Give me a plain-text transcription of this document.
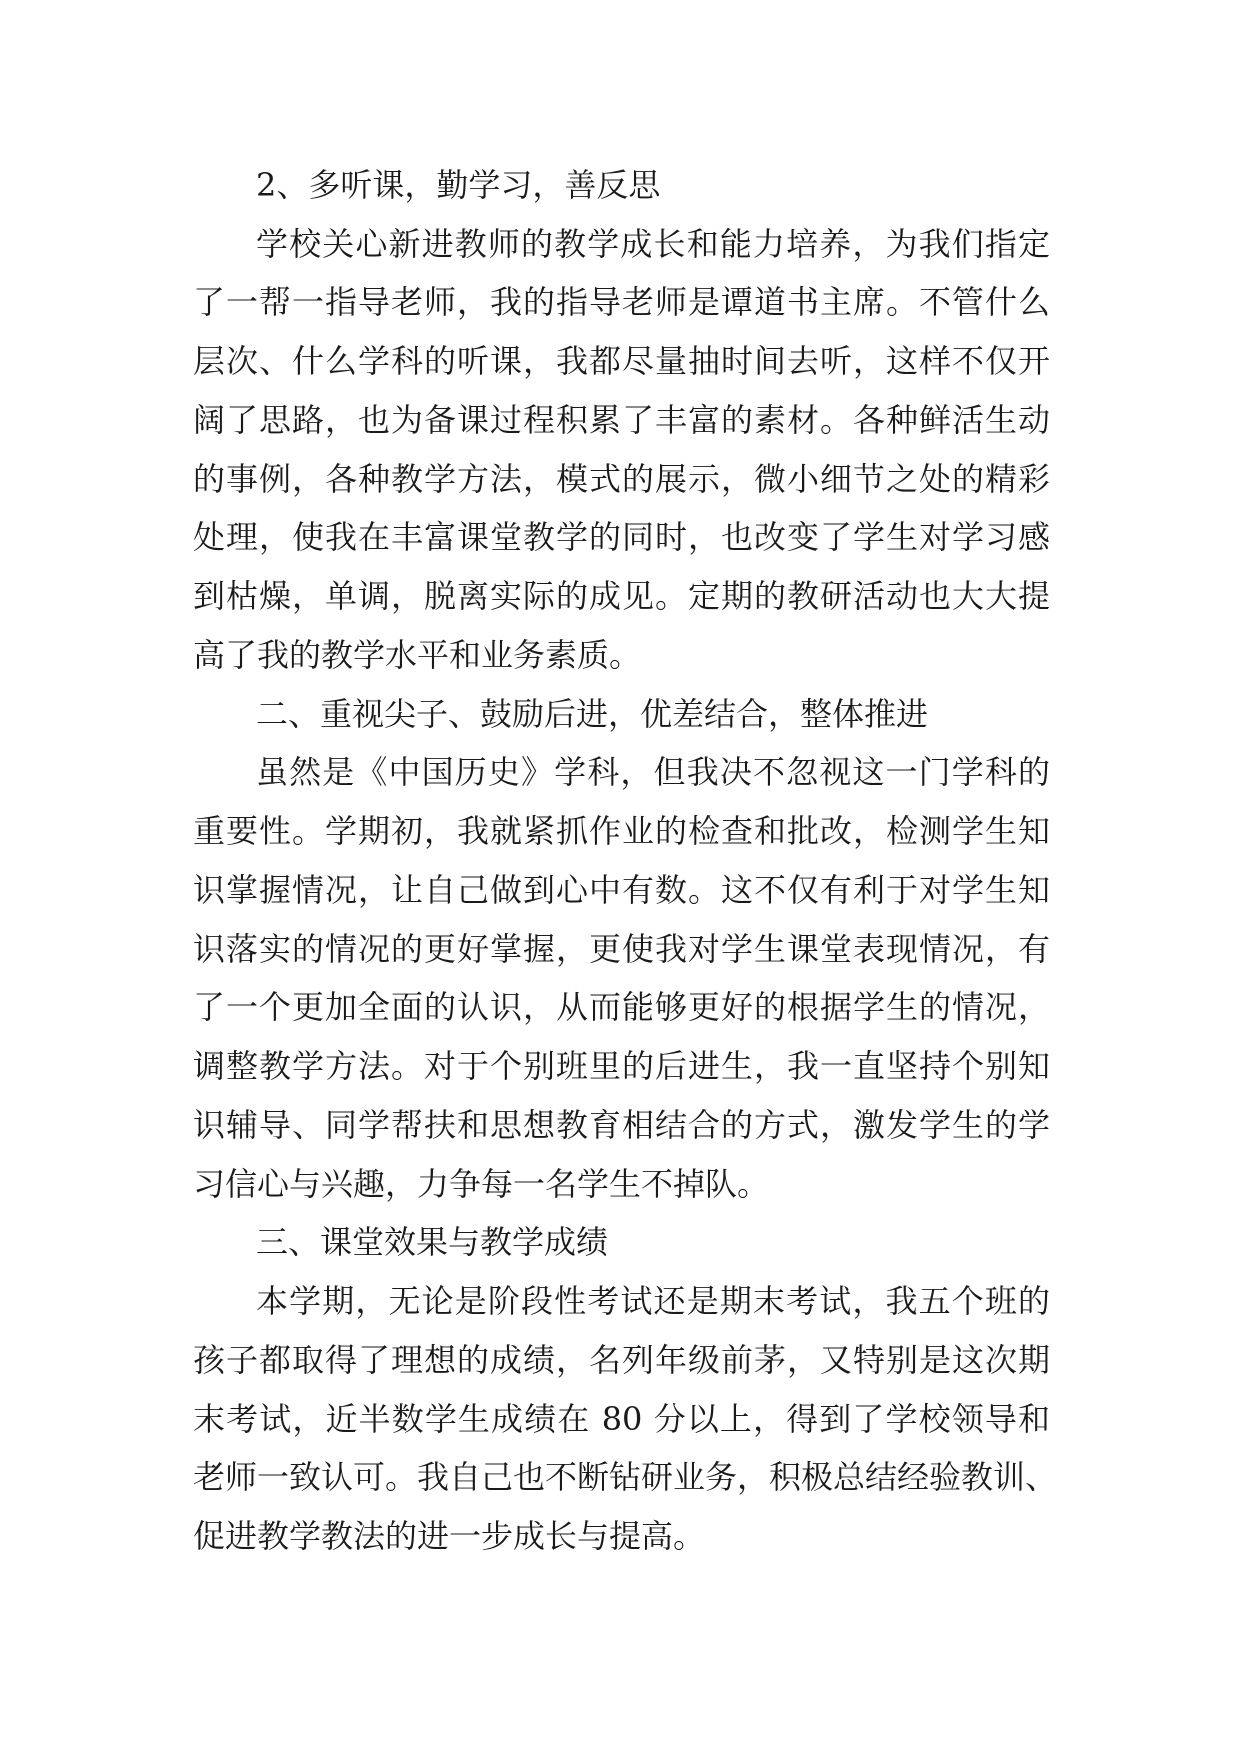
2、多听课，勤学习，善反思

学校关心新进教师的教学成长和能力培养，为我们指定

了一帮一指导老师，我的指导老师是谭道书主席。不管什么

层次、什么学科的听课，我都尽量抽时间去听，这样不仅开

阔了思路，也为备课过程积累了丰富的素材。各种鲜活生动

的事例，各种教学方法，模式的展示，微小细节之处的精彩

处理，使我在丰富课堂教学的同时，也改变了学生对学习感

到枯燥，单调，脱离实际的成见。定期的教研活动也大大提

高了我的教学水平和业务素质。

二、重视尖子、鼓励后进，优差结合，整体推进

虽然是《中国历史》学科，但我决不忽视这一门学科的

重要性。学期初，我就紧抓作业的检查和批改，检测学生知

识掌握情况，让自己做到心中有数。这不仅有利于对学生知

识落实的情况的更好掌握，更使我对学生课堂表现情况，有

了一个更加全面的认识，从而能够更好的根据学生的情况，

调整教学方法。对于个别班里的后进生，我一直坚持个别知

识辅导、同学帮扶和思想教育相结合的方式，激发学生的学

习信心与兴趣，力争每一名学生不掉队。

三、课堂效果与教学成绩

本学期，无论是阶段性考试还是期末考试，我五个班的

孩子都取得了理想的成绩，名列年级前茅，又特别是这次期

末考试，近半数学生成绩在 80 分以上，得到了学校领导和

老师一致认可。我自己也不断钻研业务，积极总结经验教训、

促进教学教法的进一步成长与提高。
